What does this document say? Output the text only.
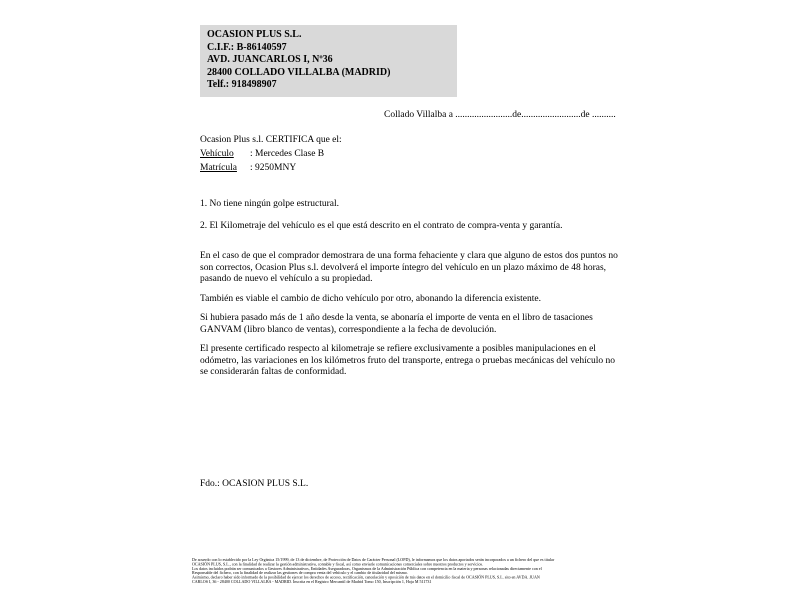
OCASION PLUS S.L.
C.I.F.: B-86140597
AVD. JUANCARLOS I, Nº36
28400 COLLADO VILLALBA (MADRID)
Telf.: 918498907
Collado Villalba a ........................de.........................de ..........
Ocasion Plus s.l. CERTIFICA que el:
Vehículo : Mercedes Clase B
Matrícula : 9250MNY
1. No tiene ningún golpe estructural.
2. El Kilometraje del vehículo es el que está descrito en el contrato de compra-venta y garantía.
En el caso de que el comprador demostrara de una forma fehaciente y clara que alguno de estos dos puntos no son correctos, Ocasion Plus s.l. devolverá el importe íntegro del vehículo en un plazo máximo de 48 horas, pasando de nuevo el vehículo a su propiedad.
También es viable el cambio de dicho vehículo por otro, abonando la diferencia existente.
Si hubiera pasado más de 1 año desde la venta, se abonaría el importe de venta en el libro de tasaciones GANVAM (libro blanco de ventas), correspondiente a la fecha de devolución.
El presente certificado respecto al kilometraje se refiere exclusivamente a posibles manipulaciones en el odómetro, las variaciones en los kilómetros fruto del transporte, entrega o pruebas mecánicas del vehículo no se considerarán faltas de conformidad.
Fdo.: OCASION PLUS S.L.
De acuerdo con lo establecido por la Ley Orgánica 15/1999, de 13 de diciembre, de Protección de Datos de Carácter Personal (LOPD), le informamos que los datos aportados serán incorporados a un fichero del que es titular
OCASIÓN PLUS, S.L., con la finalidad de realizar la gestión administrativa, contable y fiscal, así como enviarle comunicaciones comerciales sobre nuestros productos y servicios.
Los datos incluidos podrán ser comunicados a Gestores Administrativos, Entidades Aseguradoras, Organismos de la Administración Pública con competencia en la materia y personas relacionadas directamente con el
Responsable del fichero, con la finalidad de realizar las gestiones de compra venta del vehículo y el cambio de titularidad del mismo.
Asimismo, declaro haber sido informado de la posibilidad de ejercer los derechos de acceso, rectificación, cancelación y oposición de mis datos en el domicilio fiscal de OCASIÓN PLUS, S.L. sito en AVDA. JUAN
CARLOS I, 36 - 28400 COLLADO VILLALBA - MADRID. Inscrita en el Registro Mercantil de Madrid Tomo 150, Inscripción 1, Hoja M 511731
